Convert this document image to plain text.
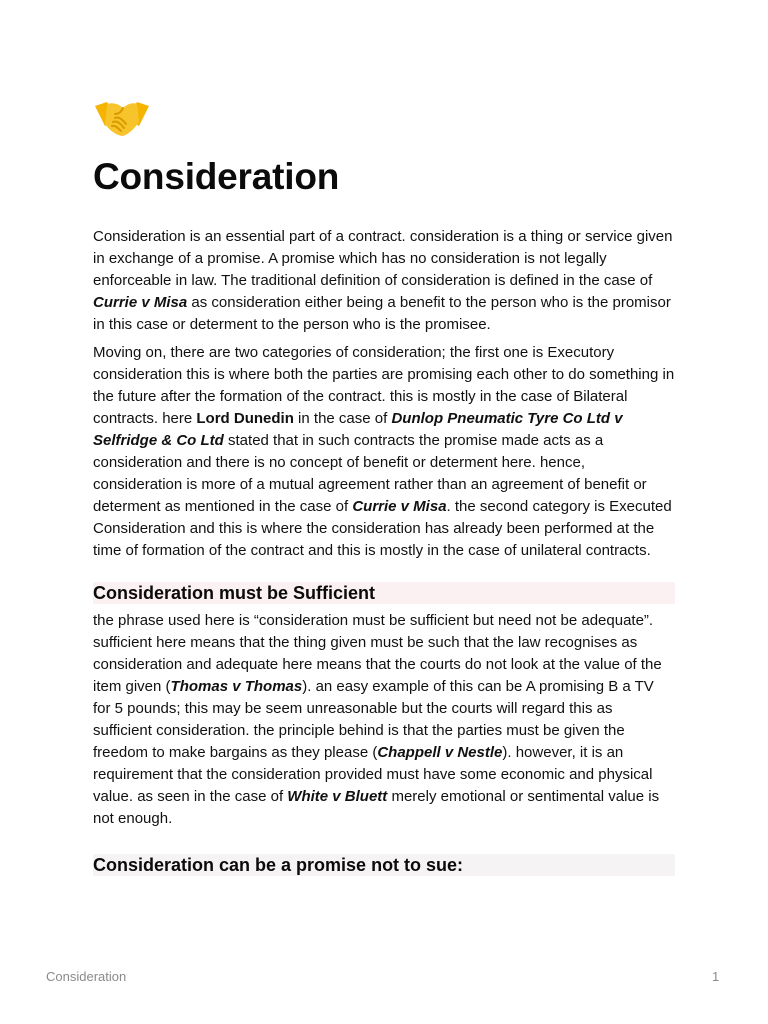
Consideration

Consideration is an essential part of a contract. consideration is a thing or service given in exchange of a promise. A promise which has no consideration is not legally enforceable in law. The traditional definition of consideration is defined in the case of Currie v Misa as consideration either being a benefit to the person who is the promisor in this case or determent to the person who is the promisee.

Moving on, there are two categories of consideration; the first one is Executory consideration this is where both the parties are promising each other to do something in the future after the formation of the contract. this is mostly in the case of Bilateral contracts. here Lord Dunedin in the case of Dunlop Pneumatic Tyre Co Ltd v Selfridge & Co Ltd stated that in such contracts the promise made acts as a consideration and there is no concept of benefit or determent here. hence, consideration is more of a mutual agreement rather than an agreement of benefit or determent as mentioned in the case of Currie v Misa. the second category is Executed Consideration and this is where the consideration has already been performed at the time of formation of the contract and this is mostly in the case of unilateral contracts.

Consideration must be Sufficient

the phrase used here is “consideration must be sufficient but need not be adequate”. sufficient here means that the thing given must be such that the law recognises as consideration and adequate here means that the courts do not look at the value of the item given (Thomas v Thomas). an easy example of this can be A promising B a TV for 5 pounds; this may be seem unreasonable but the courts will regard this as sufficient consideration. the principle behind is that the parties must be given the freedom to make bargains as they please (Chappell v Nestle). however, it is an requirement that the consideration provided must have some economic and physical value. as seen in the case of White v Bluett merely emotional or sentimental value is not enough.

Consideration can be a promise not to sue:
Consideration	1
